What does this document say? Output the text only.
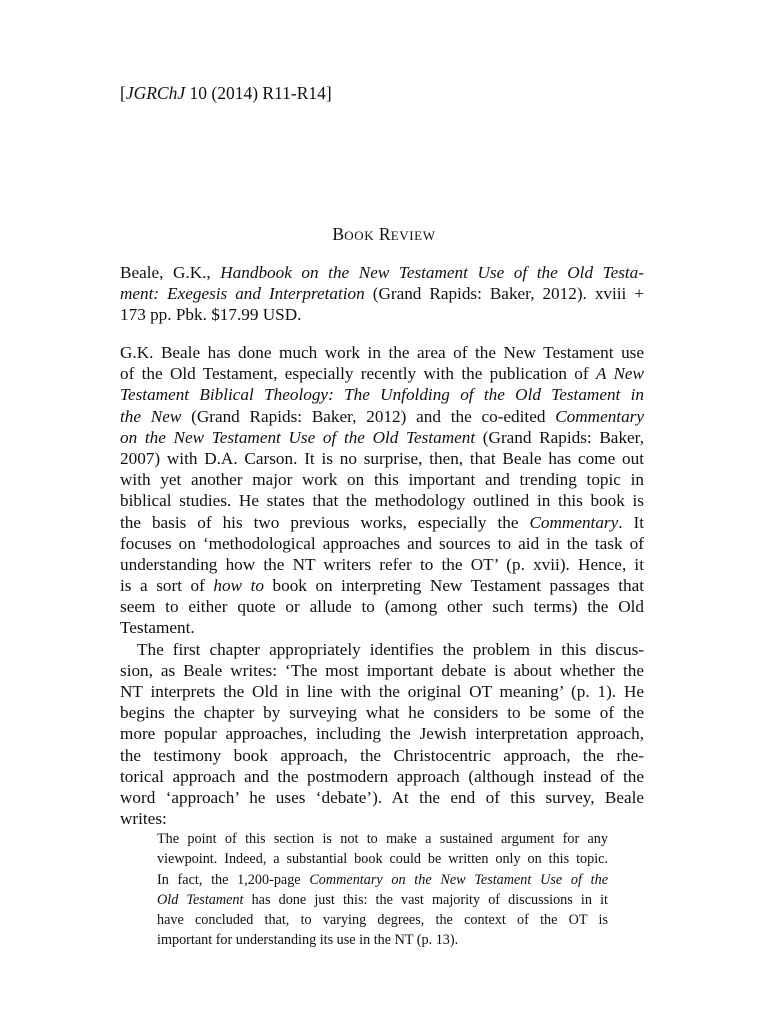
[JGRChJ 10 (2014) R11-R14]
BOOK REVIEW
Beale, G.K., Handbook on the New Testament Use of the Old Testa-
ment: Exegesis and Interpretation (Grand Rapids: Baker, 2012). xviii +
173 pp. Pbk. $17.99 USD.
G.K. Beale has done much work in the area of the New Testament use
of the Old Testament, especially recently with the publication of A New
Testament Biblical Theology: The Unfolding of the Old Testament in
the New (Grand Rapids: Baker, 2012) and the co-edited Commentary
on the New Testament Use of the Old Testament (Grand Rapids: Baker,
2007) with D.A. Carson. It is no surprise, then, that Beale has come out
with yet another major work on this important and trending topic in
biblical studies. He states that the methodology outlined in this book is
the basis of his two previous works, especially the Commentary. It
focuses on ‘methodological approaches and sources to aid in the task of
understanding how the NT writers refer to the OT’ (p. xvii). Hence, it
is a sort of how to book on interpreting New Testament passages that
seem to either quote or allude to (among other such terms) the Old
Testament.
The first chapter appropriately identifies the problem in this discus-
sion, as Beale writes: ‘The most important debate is about whether the
NT interprets the Old in line with the original OT meaning’ (p. 1). He
begins the chapter by surveying what he considers to be some of the
more popular approaches, including the Jewish interpretation approach,
the testimony book approach, the Christocentric approach, the rhe-
torical approach and the postmodern approach (although instead of the
word ‘approach’ he uses ‘debate’). At the end of this survey, Beale
writes:
The point of this section is not to make a sustained argument for any
viewpoint. Indeed, a substantial book could be written only on this topic.
In fact, the 1,200-page Commentary on the New Testament Use of the
Old Testament has done just this: the vast majority of discussions in it
have concluded that, to varying degrees, the context of the OT is
important for understanding its use in the NT (p. 13).
